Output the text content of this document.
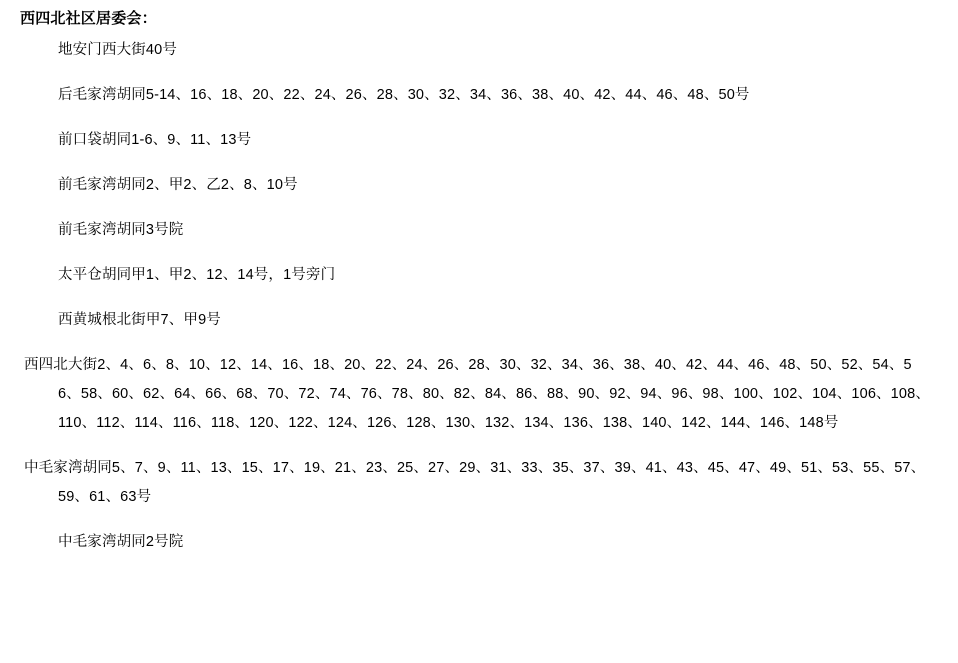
西四北社区居委会：
地安门西大街40号
后毛家湾胡同5-14、16、18、20、22、24、26、28、30、32、34、36、38、40、42、44、46、48、50号
前口袋胡同1-6、9、11、13号
前毛家湾胡同2、甲2、乙2、8、10号
前毛家湾胡同3号院
太平仓胡同甲1、甲2、12、14号，1号旁门
西黄城根北街甲7、甲9号
西四北大街2、4、6、8、10、12、14、16、18、20、22、24、26、28、30、32、34、36、38、40、42、44、46、48、50、52、54、56、58、60、62、64、66、68、70、72、74、76、78、80、82、84、86、88、90、92、94、96、98、100、102、104、106、108、110、112、114、116、118、120、122、124、126、128、130、132、134、136、138、140、142、144、146、148号
中毛家湾胡同5、7、9、11、13、15、17、19、21、23、25、27、29、31、33、35、37、39、41、43、45、47、49、51、53、55、57、59、61、63号
中毛家湾胡同2号院
